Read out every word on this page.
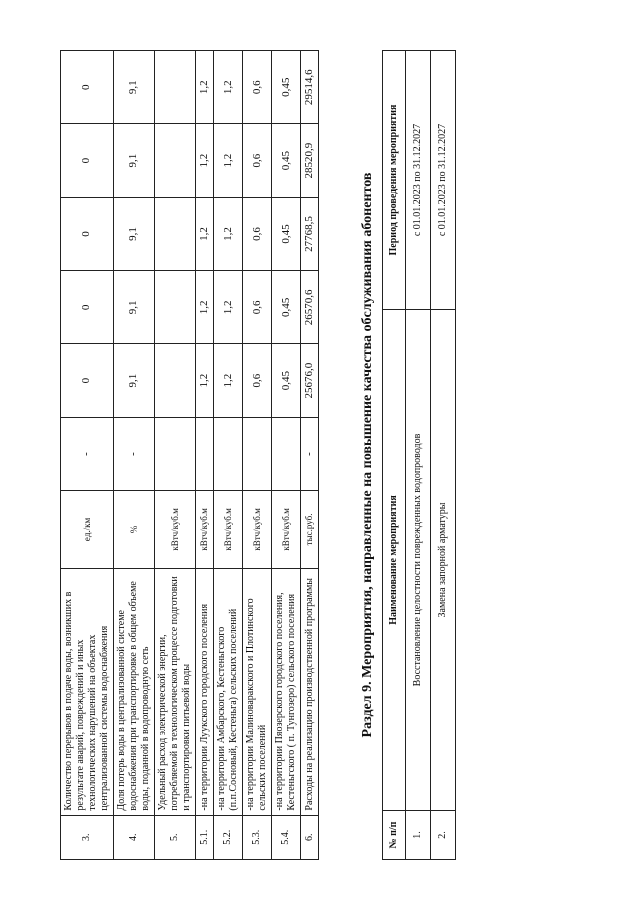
3.	Количество перерывов в подаче воды, возникших в результате аварий, повреждений и иных технологических нарушений на объектах централизованной системы водоснабжения	ед./км	-	0	0	0	0	0
4.	Доля потерь воды в централизованной системе водоснабжения при транспортировке в общем объеме воды, поданной в водопроводную сеть	%	-	9,1	9,1	9,1	9,1	9,1
5.	Удельный расход электрической энергии, потребляемой в технологическом процессе подготовки и транспортировки питьевой воды	кВтч/куб.м						
5.1.	-на территории Луукского городского поселения	кВтч/куб.м		1,2	1,2	1,2	1,2	1,2
5.2.	-на территории Амбарского, Кестеньгского (п.п.Сосновый, Кестеньга) сельских поселений	кВтч/куб.м		1,2	1,2	1,2	1,2	1,2
5.3.	-на территории Малиноваракского и Плотинского сельских поселений	кВтч/куб.м		0,6	0,6	0,6	0,6	0,6
5.4.	-на территории Пяозерского городского поселения, Кестеньгского ( п. Тунгозеро) сельского поселения	кВтч/куб.м		0,45	0,45	0,45	0,45	0,45
6.	Расходы на реализацию производственной программы	тыс.руб.	-	25676,0	26570,6	27768,5	28520,9	29514,6
Раздел 9. Мероприятия, направленные на повышение качества обслуживания абонентов
№ п/п	Наименование мероприятия	Период проведения мероприятия
1.	Восстановление целостности поврежденных водопроводов	с 01.01.2023 по 31.12.2027
2.	Замена запорной арматуры	с 01.01.2023 по 31.12.2027
